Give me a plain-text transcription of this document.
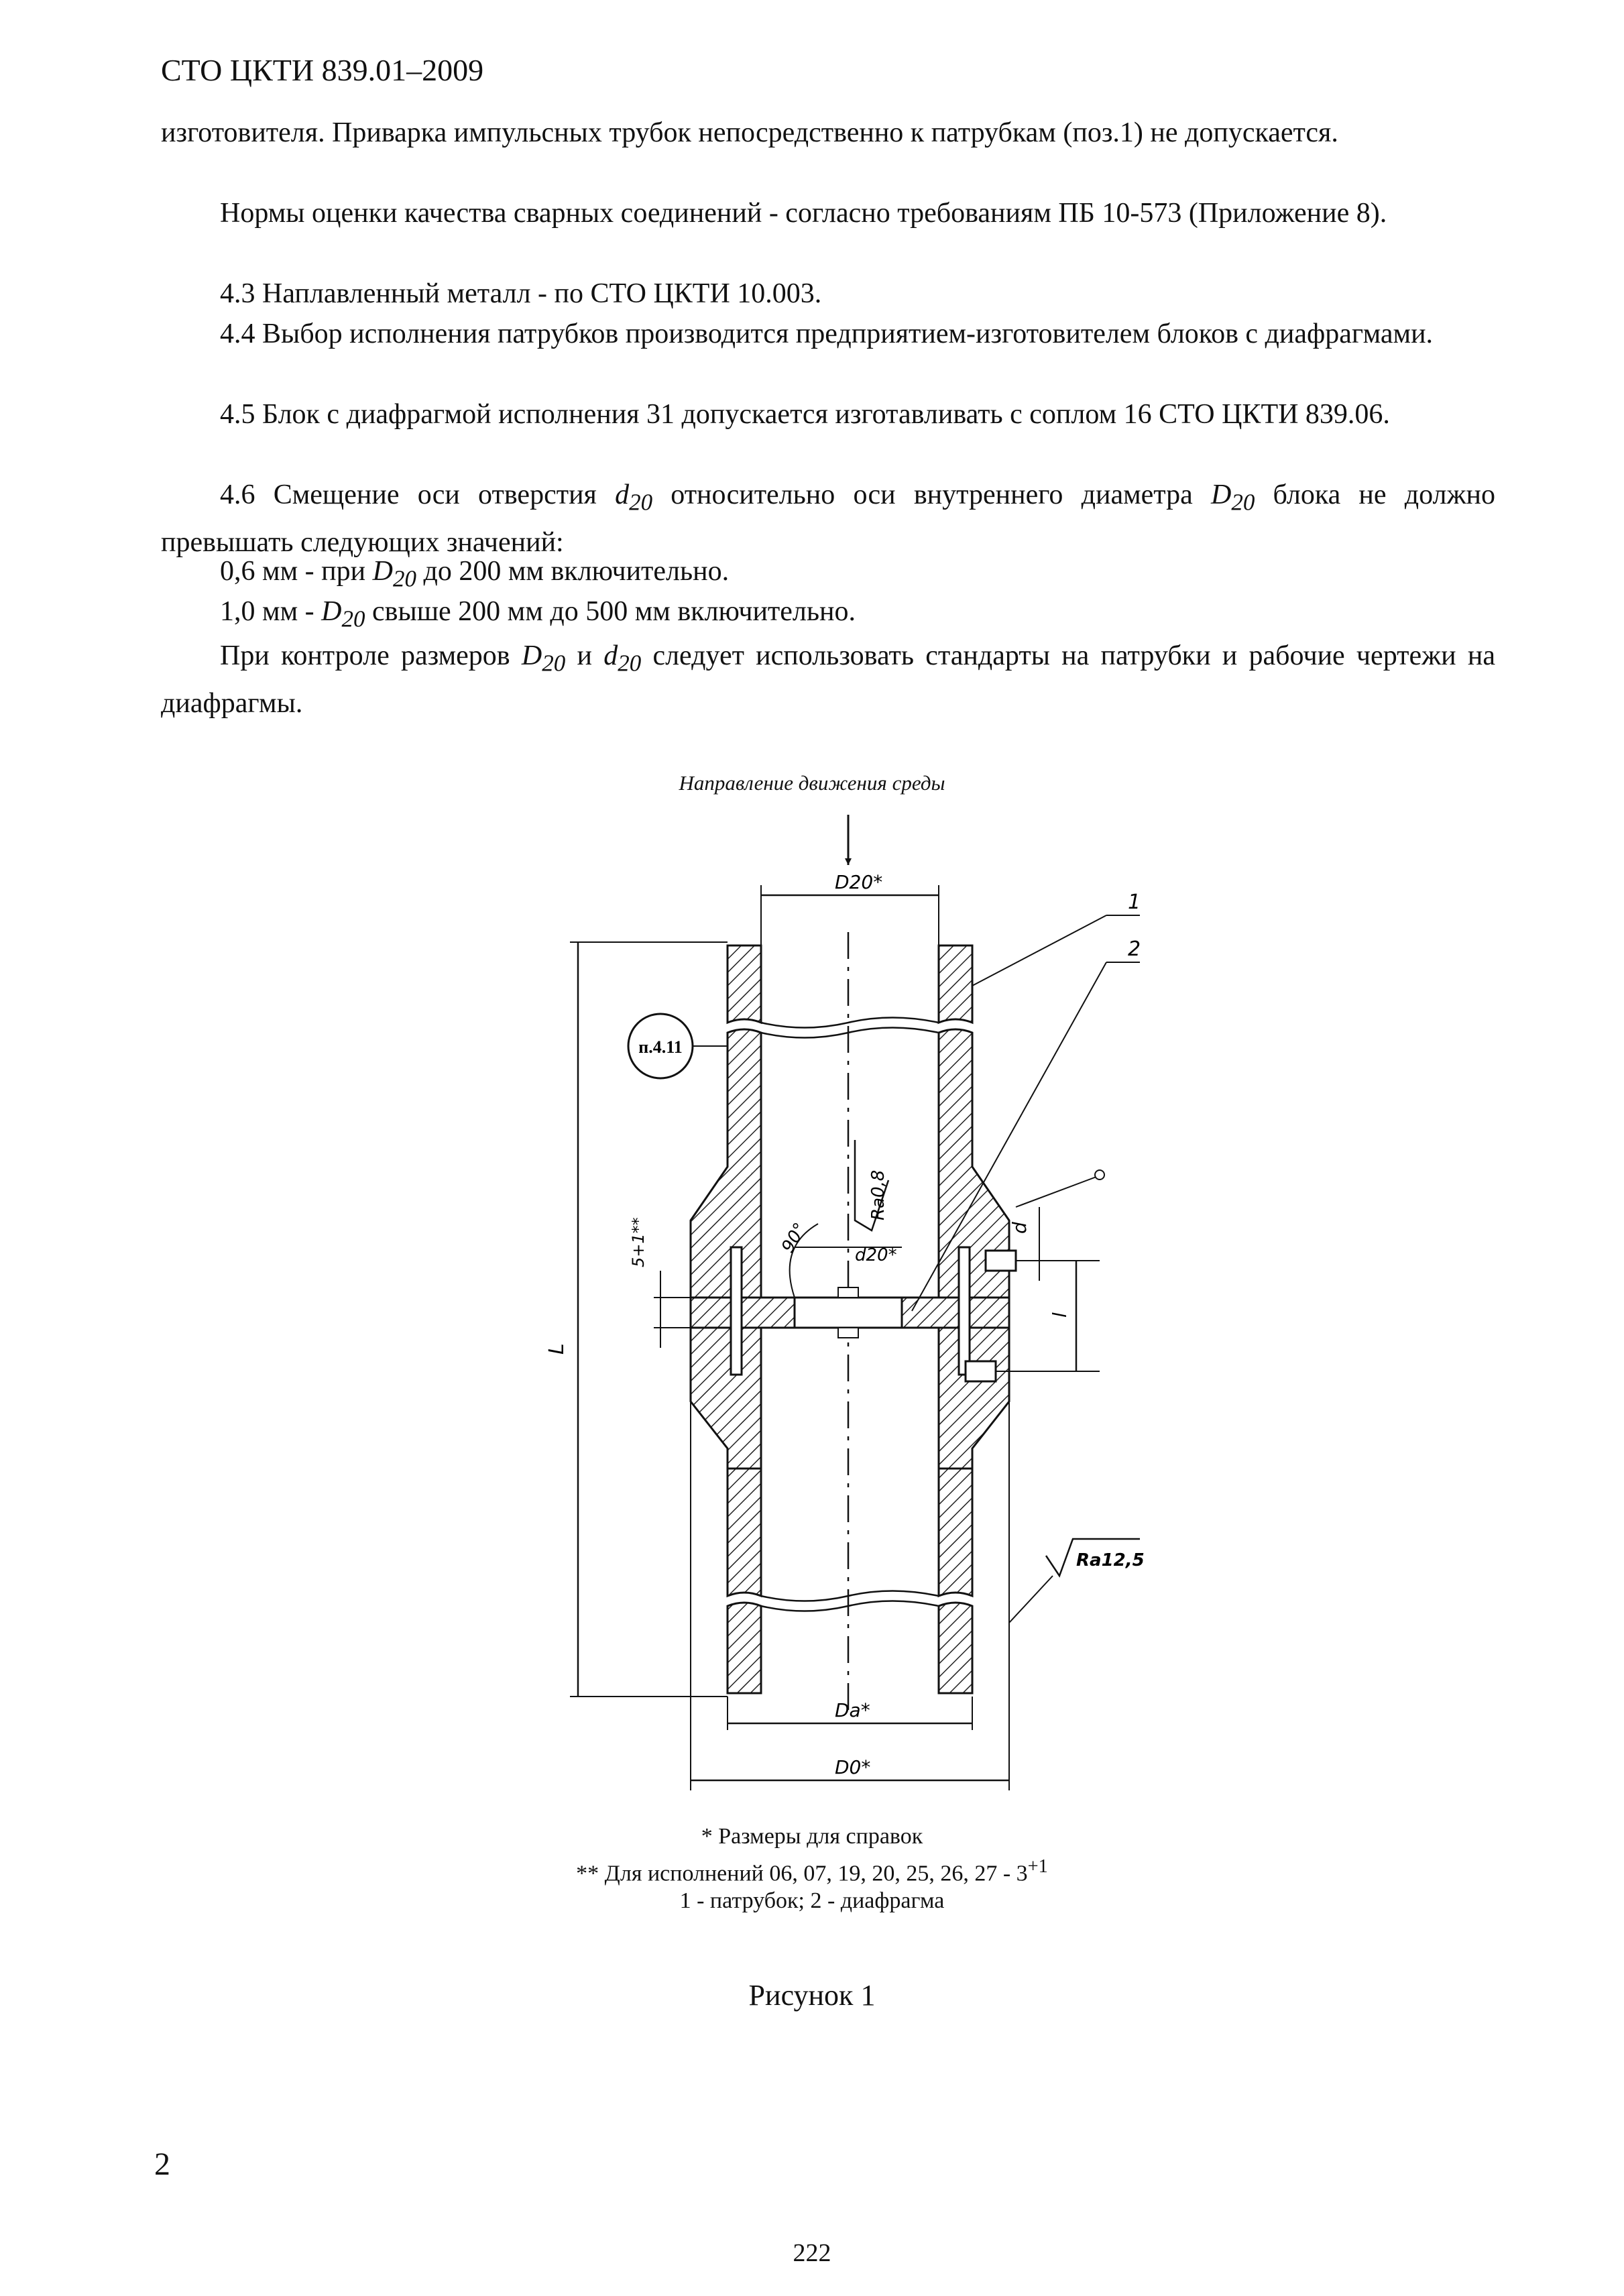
СТО ЦКТИ 839.01–2009
изготовителя. Приварка импульсных трубок непосредственно к патрубкам (поз.1) не допускается.
Нормы оценки качества сварных соединений - согласно требованиям ПБ 10-573 (Приложение 8).
4.3 Наплавленный металл - по СТО ЦКТИ 10.003.
4.4 Выбор исполнения патрубков производится предприятием-изготовителем блоков с диафрагмами.
4.5 Блок с диафрагмой исполнения 31 допускается изготавливать с соплом 16 СТО ЦКТИ 839.06.
4.6 Смещение оси отверстия $d_{20}$ относительно оси внутреннего диаметра $D_{20}$ блока не должно превышать следующих значений:
0,6 мм - при $D_{20}$ до 200 мм включительно.
1,0 мм - $D_{20}$ свыше 200 мм до 500 мм включительно.
При контроле размеров $D_{20}$ и $d_{20}$ следует использовать стандарты на патрубки и рабочие чертежи на диафрагмы.
Направление движения среды
D20*
L
Da*
D0*
d20*
90°
Ra0,8
5+1**
п.4.11
1
2
d
l
Ra12,5
* Размеры для справок
** Для исполнений 06, 07, 19, 20, 25, 26, $27 - 3^{+1}$
1 - патрубок; 2 - диафрагма
Рисунок 1
2
222
